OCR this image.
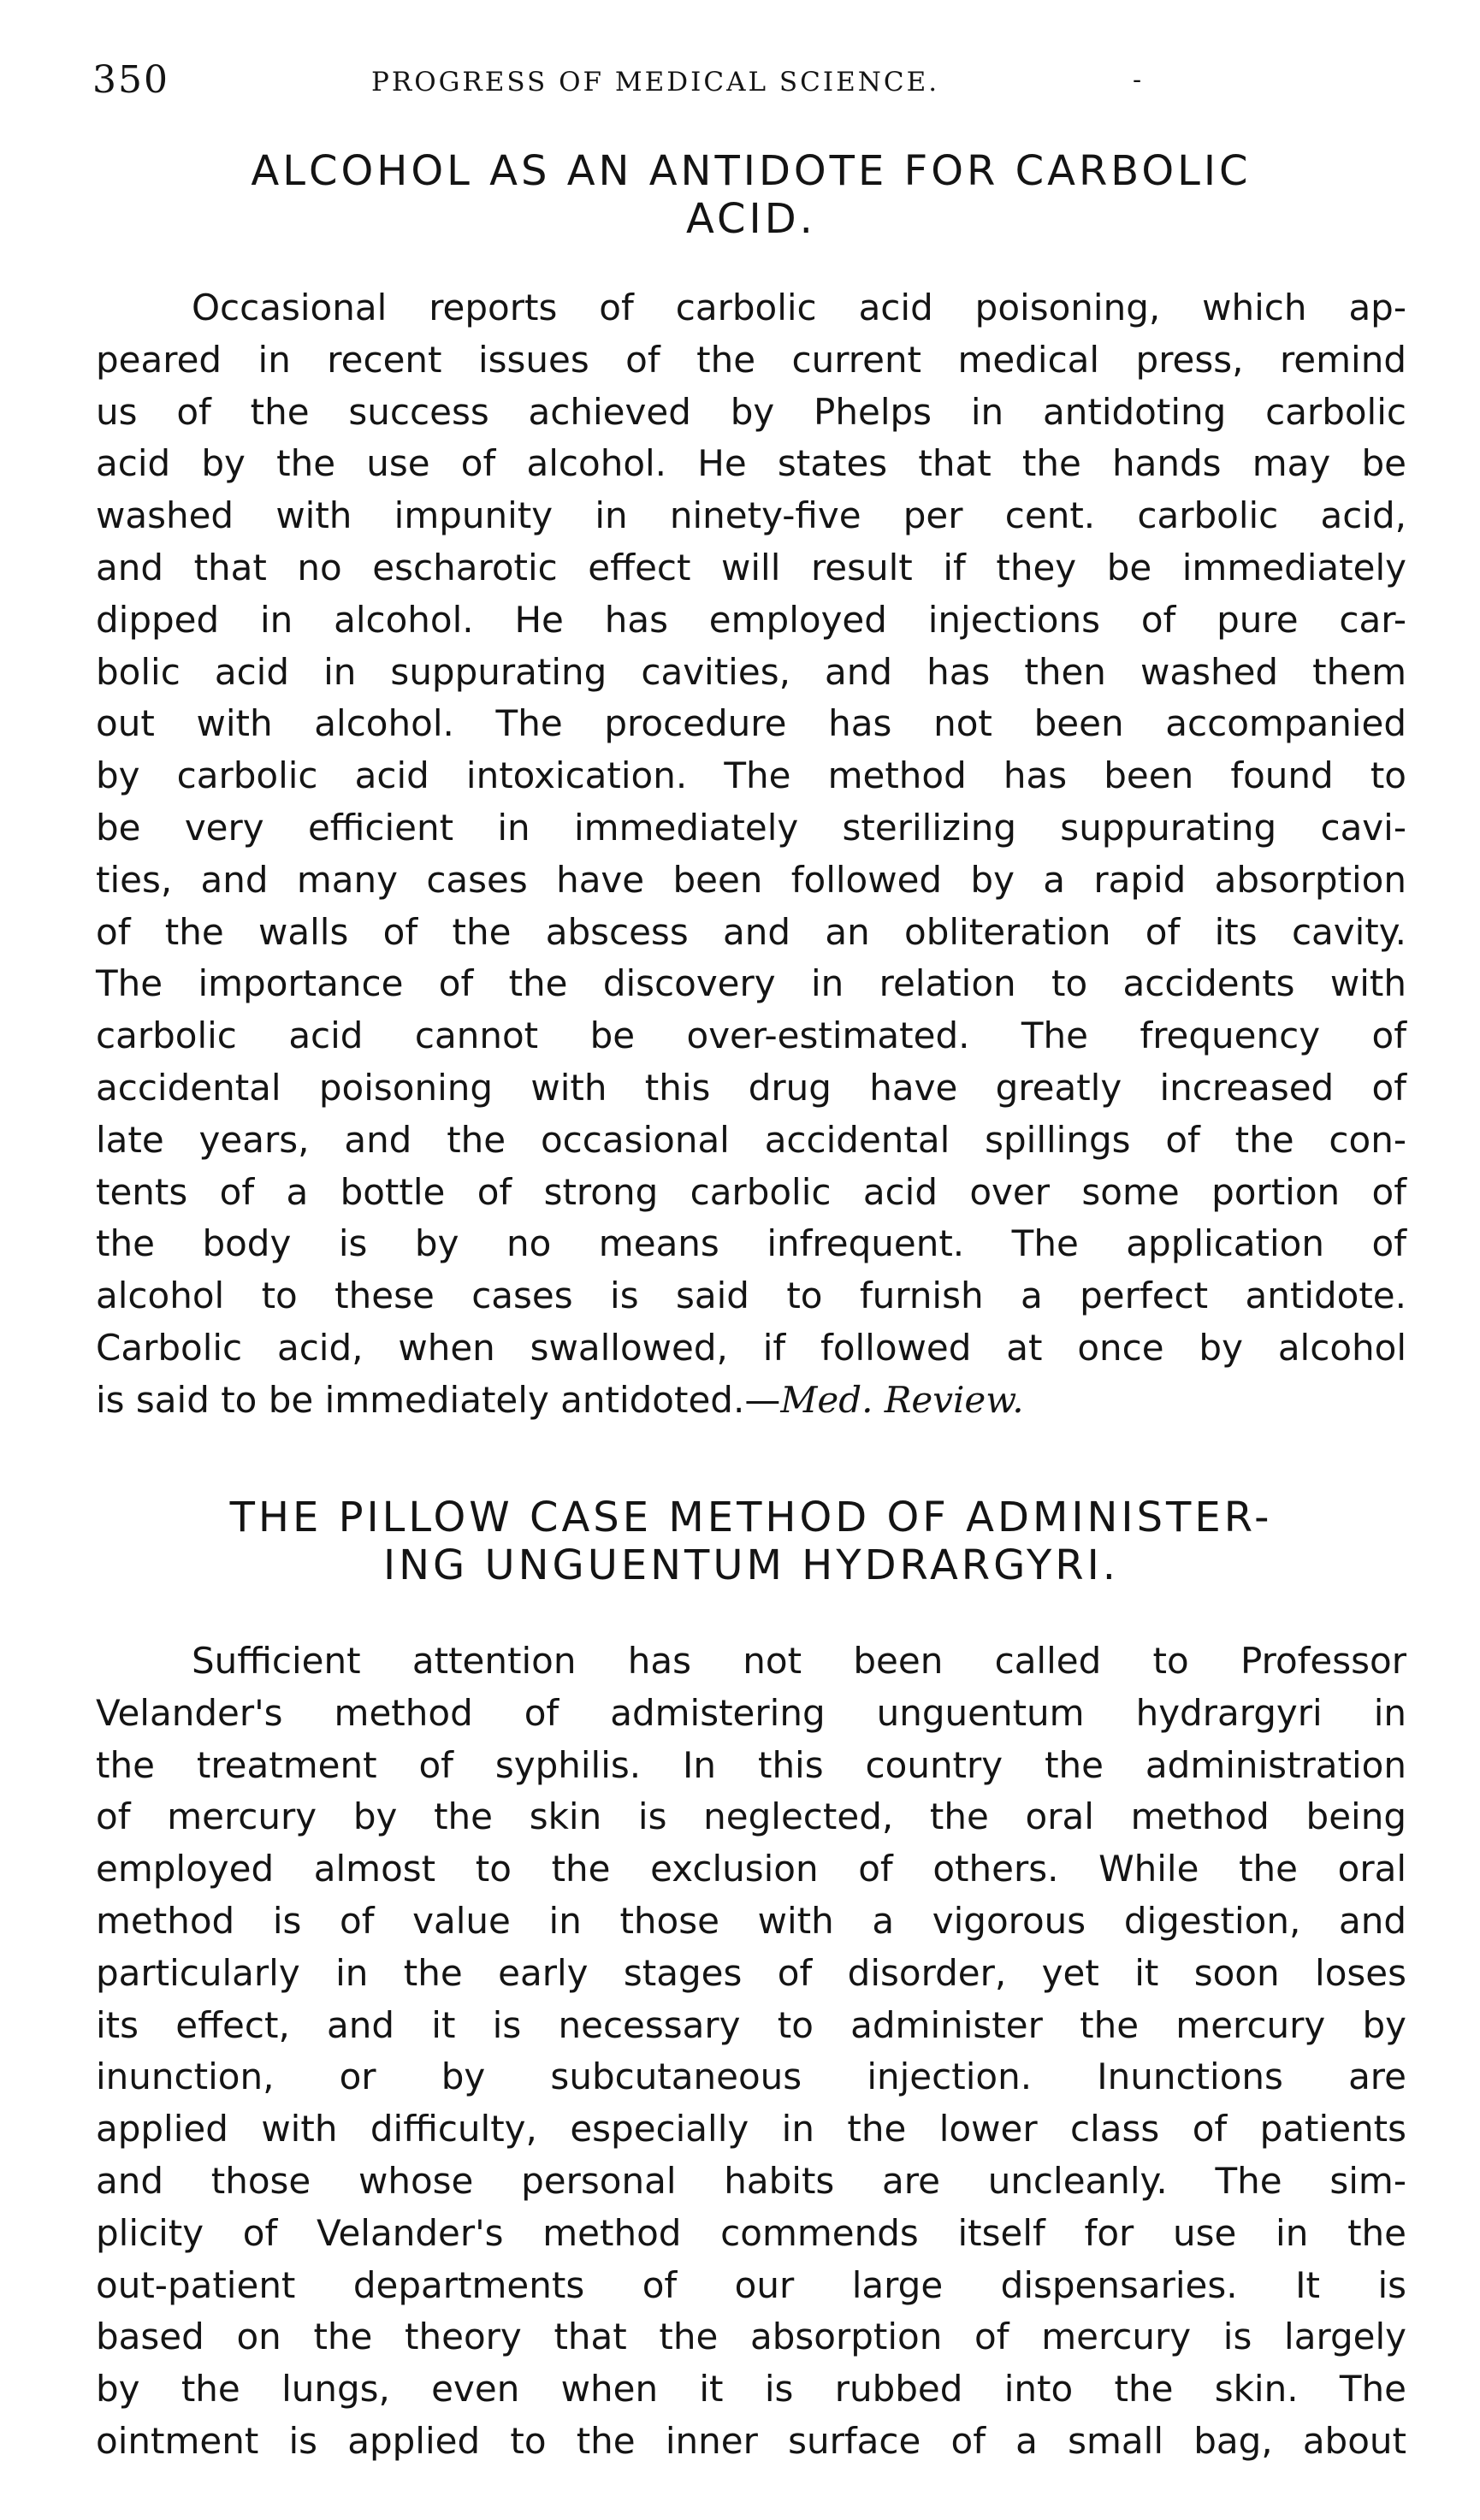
350	PROGRESS OF MEDICAL SCIENCE.	-
ALCOHOL AS AN ANTIDOTE FOR CARBOLIC
ACID.
Occasional reports of carbolic acid poisoning, which ap-
peared in recent issues of the current medical press, remind
us of the success achieved by Phelps in antidoting carbolic
acid by the use of alcohol. He states that the hands may be
washed with impunity in ninety-five per cent. carbolic acid,
and that no escharotic effect will result if they be immediately
dipped in alcohol. He has employed injections of pure car-
bolic acid in suppurating cavities, and has then washed them
out with alcohol. The procedure has not been accompanied
by carbolic acid intoxication. The method has been found to
be very efficient in immediately sterilizing suppurating cavi-
ties, and many cases have been followed by a rapid absorption
of the walls of the abscess and an obliteration of its cavity.
The importance of the discovery in relation to accidents with
carbolic acid cannot be over-estimated. The frequency of
accidental poisoning with this drug have greatly increased of
late years, and the occasional accidental spillings of the con-
tents of a bottle of strong carbolic acid over some portion of
the body is by no means infrequent. The application of
alcohol to these cases is said to furnish a perfect antidote.
Carbolic acid, when swallowed, if followed at once by alcohol
is said to be immediately antidoted.—Med. Review.
THE PILLOW CASE METHOD OF ADMINISTER-
ING UNGUENTUM HYDRARGYRI.
Sufficient attention has not been called to Professor
Velander's method of admistering unguentum hydrargyri in
the treatment of syphilis. In this country the administration
of mercury by the skin is neglected, the oral method being
employed almost to the exclusion of others. While the oral
method is of value in those with a vigorous digestion, and
particularly in the early stages of disorder, yet it soon loses
its effect, and it is necessary to administer the mercury by
inunction, or by subcutaneous injection. Inunctions are
applied with difficulty, especially in the lower class of patients
and those whose personal habits are uncleanly. The sim-
plicity of Velander's method commends itself for use in the
out-patient departments of our large dispensaries. It is
based on the theory that the absorption of mercury is largely
by the lungs, even when it is rubbed into the skin. The
ointment is applied to the inner surface of a small bag, about
